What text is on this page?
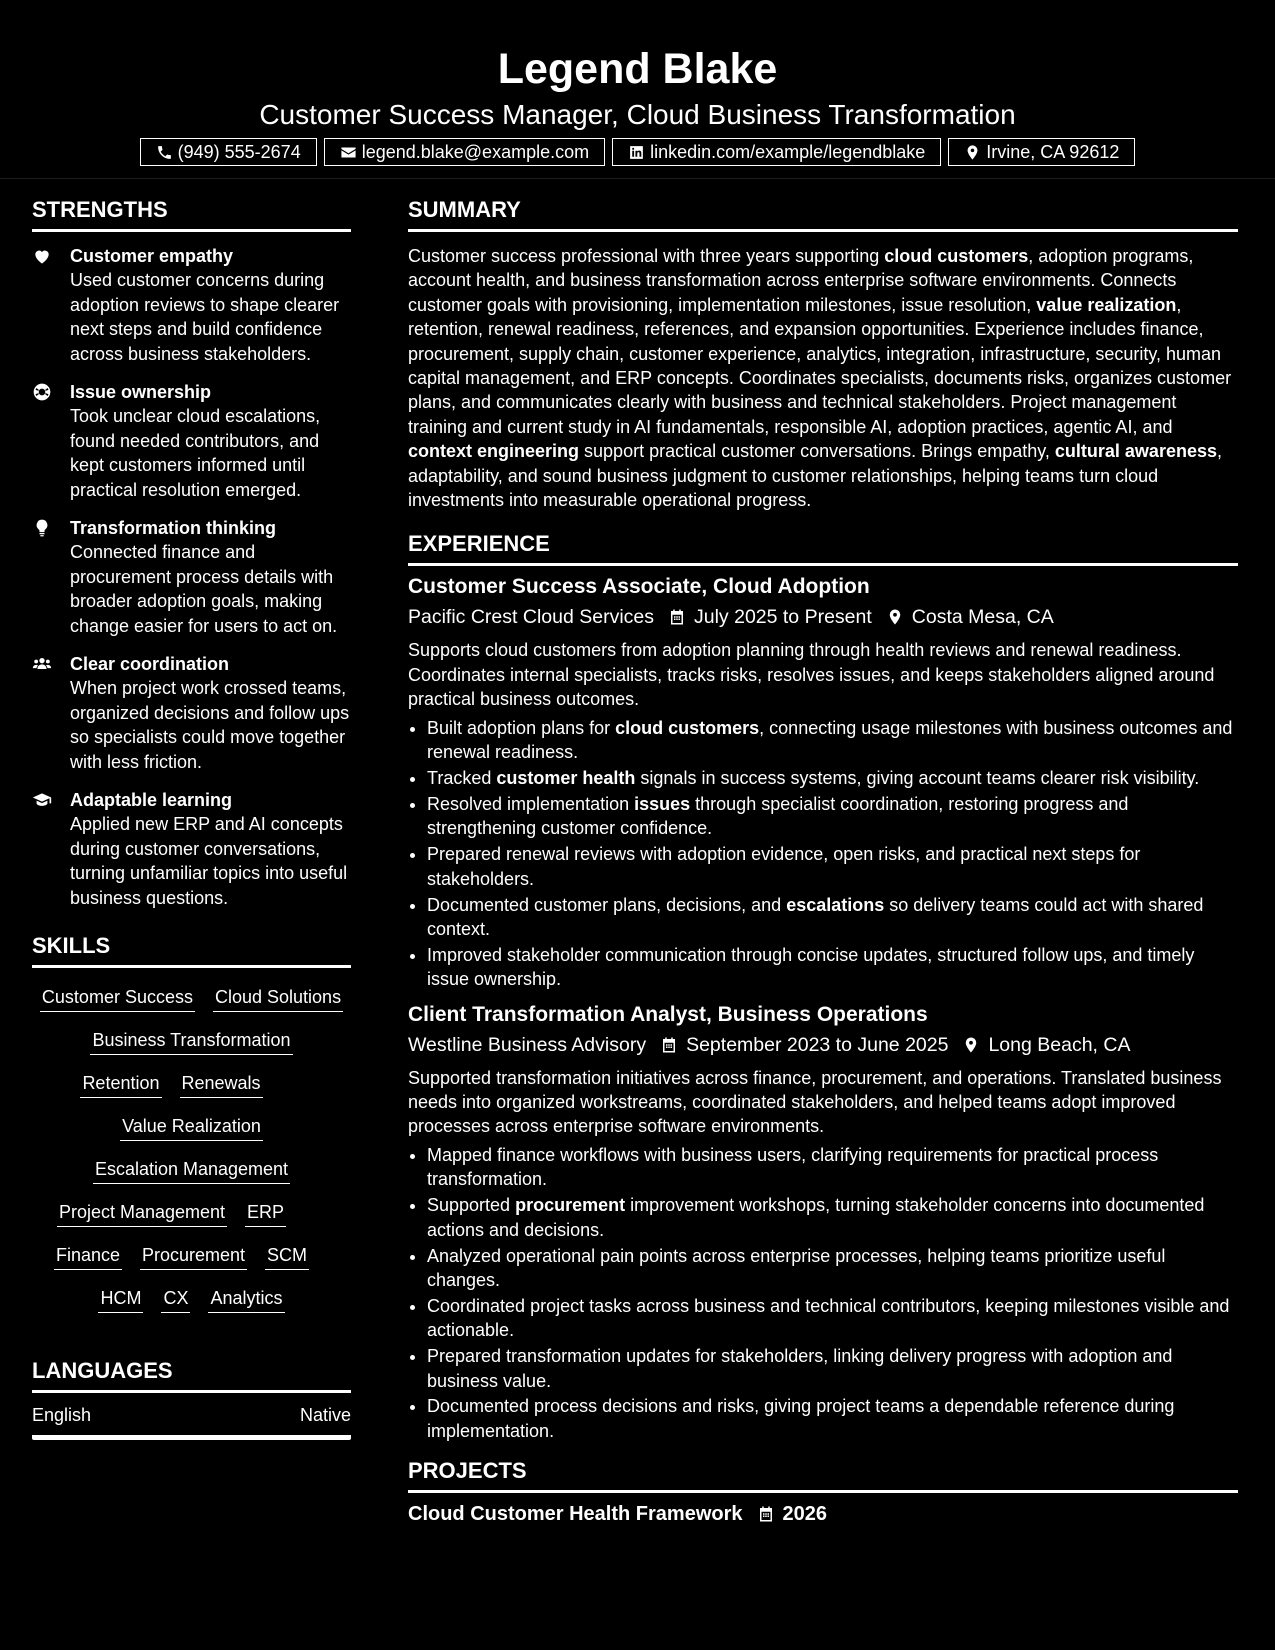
Legend Blake
Customer Success Manager, Cloud Business Transformation
(949) 555-2674	legend.blake@example.com	linkedin.com/example/legendblake	Irvine, CA 92612
STRENGTHS
Customer empathy
Used customer concerns during adoption reviews to shape clearer next steps and build confidence across business stakeholders.
Issue ownership
Took unclear cloud escalations, found needed contributors, and kept customers informed until practical resolution emerged.
Transformation thinking
Connected finance and procurement process details with broader adoption goals, making change easier for users to act on.
Clear coordination
When project work crossed teams, organized decisions and follow ups so specialists could move together with less friction.
Adaptable learning
Applied new ERP and AI concepts during customer conversations, turning unfamiliar topics into useful business questions.
SKILLS
Customer Success Cloud Solutions
Business Transformation
Retention Renewals
Value Realization
Escalation Management
Project Management ERP
Finance Procurement SCM
HCM CX Analytics
LANGUAGES
English	Native
SUMMARY

Customer success professional with three years supporting cloud customers, adoption programs, account health, and business transformation across enterprise software environments. Connects customer goals with provisioning, implementation milestones, issue resolution, value realization, retention, renewal readiness, references, and expansion opportunities. Experience includes finance, procurement, supply chain, customer experience, analytics, integration, infrastructure, security, human capital management, and ERP concepts. Coordinates specialists, documents risks, organizes customer plans, and communicates clearly with business and technical stakeholders. Project management training and current study in AI fundamentals, responsible AI, adoption practices, agentic AI, and context engineering support practical customer conversations. Brings empathy, cultural awareness, adaptability, and sound business judgment to customer relationships, helping teams turn cloud investments into measurable operational progress.

EXPERIENCE
Customer Success Associate, Cloud Adoption
Pacific Crest Cloud Services July 2025 to Present Costa Mesa, CA

Supports cloud customers from adoption planning through health reviews and renewal readiness. Coordinates internal specialists, tracks risks, resolves issues, and keeps stakeholders aligned around practical business outcomes.

• Built adoption plans for cloud customers, connecting usage milestones with business outcomes and renewal readiness.
• Tracked customer health signals in success systems, giving account teams clearer risk visibility.
• Resolved implementation issues through specialist coordination, restoring progress and strengthening customer confidence.
• Prepared renewal reviews with adoption evidence, open risks, and practical next steps for stakeholders.
• Documented customer plans, decisions, and escalations so delivery teams could act with shared context.
• Improved stakeholder communication through concise updates, structured follow ups, and timely issue ownership.
Client Transformation Analyst, Business Operations
Westline Business Advisory September 2023 to June 2025 Long Beach, CA

Supported transformation initiatives across finance, procurement, and operations. Translated business needs into organized workstreams, coordinated stakeholders, and helped teams adopt improved processes across enterprise software environments.

• Mapped finance workflows with business users, clarifying requirements for practical process transformation.
• Supported procurement improvement workshops, turning stakeholder concerns into documented actions and decisions.
• Analyzed operational pain points across enterprise processes, helping teams prioritize useful changes.
• Coordinated project tasks across business and technical contributors, keeping milestones visible and actionable.
• Prepared transformation updates for stakeholders, linking delivery progress with adoption and business value.
• Documented process decisions and risks, giving project teams a dependable reference during implementation.
PROJECTS
Cloud Customer Health Framework 2026
